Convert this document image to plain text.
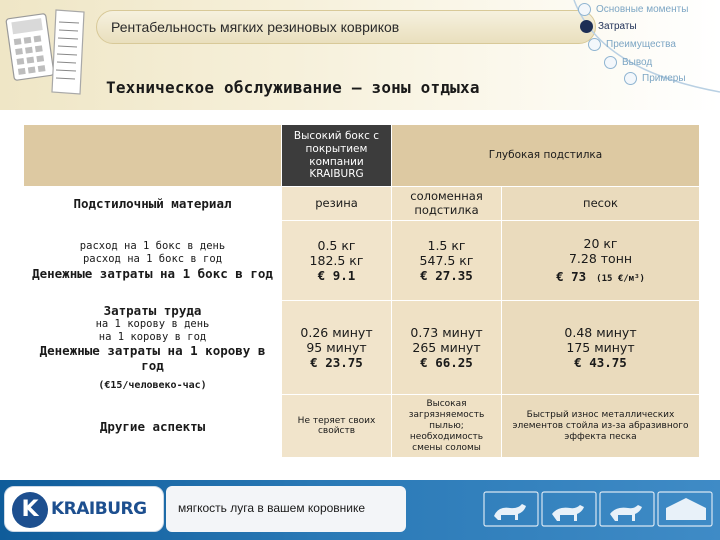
Рентабельность мягких резиновых ковриков
Основные моменты
Затраты
Преимущества
Вывод
Примеры
Техническое обслуживание – зоны отдыха

	Высокий бокс с покрытием компании KRAIBURG	Глубокая подстилка	

Подстилочный материал	резина	соломенная подстилка	песок

расход на 1 бокс в день
расход на 1 бокс в год
Денежные затраты на 1 бокс в год	0.5 кг
182.5 кг
€ 9.1	1.5 кг
547.5 кг
€ 27.35	20 кг
7.28 тонн
€ 73 (15 €/м³)

Затраты труда
на 1 корову в день
на 1 корову в год
Денежные затраты на 1 корову в год
(€15/человеко-час)	0.26 минут
95 минут
€ 23.75	0.73 минут
265 минут
€ 66.25	0.48 минут
175 минут
€ 43.75

Другие аспекты	Не теряет своих свойств	Высокая загрязняемость пылью; необходимость смены соломы	Быстрый износ металлических элементов стойла из-за абразивного эффекта песка
K KRAIBURG	мягкость луга в вашем коровнике
